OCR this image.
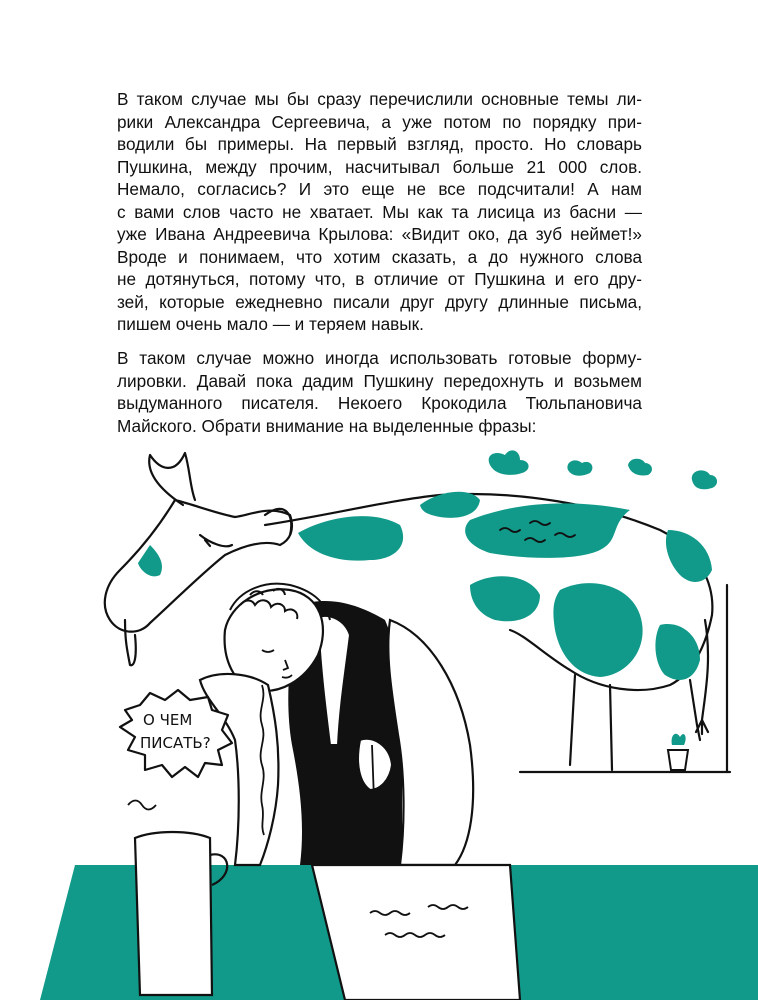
В таком случае мы бы сразу перечислили основные темы ли-
рики Александра Сергеевича, а уже потом по порядку при-
водили бы примеры. На первый взгляд, просто. Но словарь
Пушкина, между прочим, насчитывал больше 21 000 слов.
Немало, согласись? И это еще не все подсчитали! А нам
с вами слов часто не хватает. Мы как та лисица из басни —
уже Ивана Андреевича Крылова: «Видит око, да зуб неймет!»
Вроде и понимаем, что хотим сказать, а до нужного слова
не дотянуться, потому что, в отличие от Пушкина и его дру-
зей, которые ежедневно писали друг другу длинные письма,
пишем очень мало — и теряем навык.
В таком случае можно иногда использовать готовые форму-
лировки. Давай пока дадим Пушкину передохнуть и возьмем
выдуманного писателя. Некоего Крокодила Тюльпановича
Майского. Обрати внимание на выделенные фразы:
О ЧЕМ
ПИСАТЬ?
